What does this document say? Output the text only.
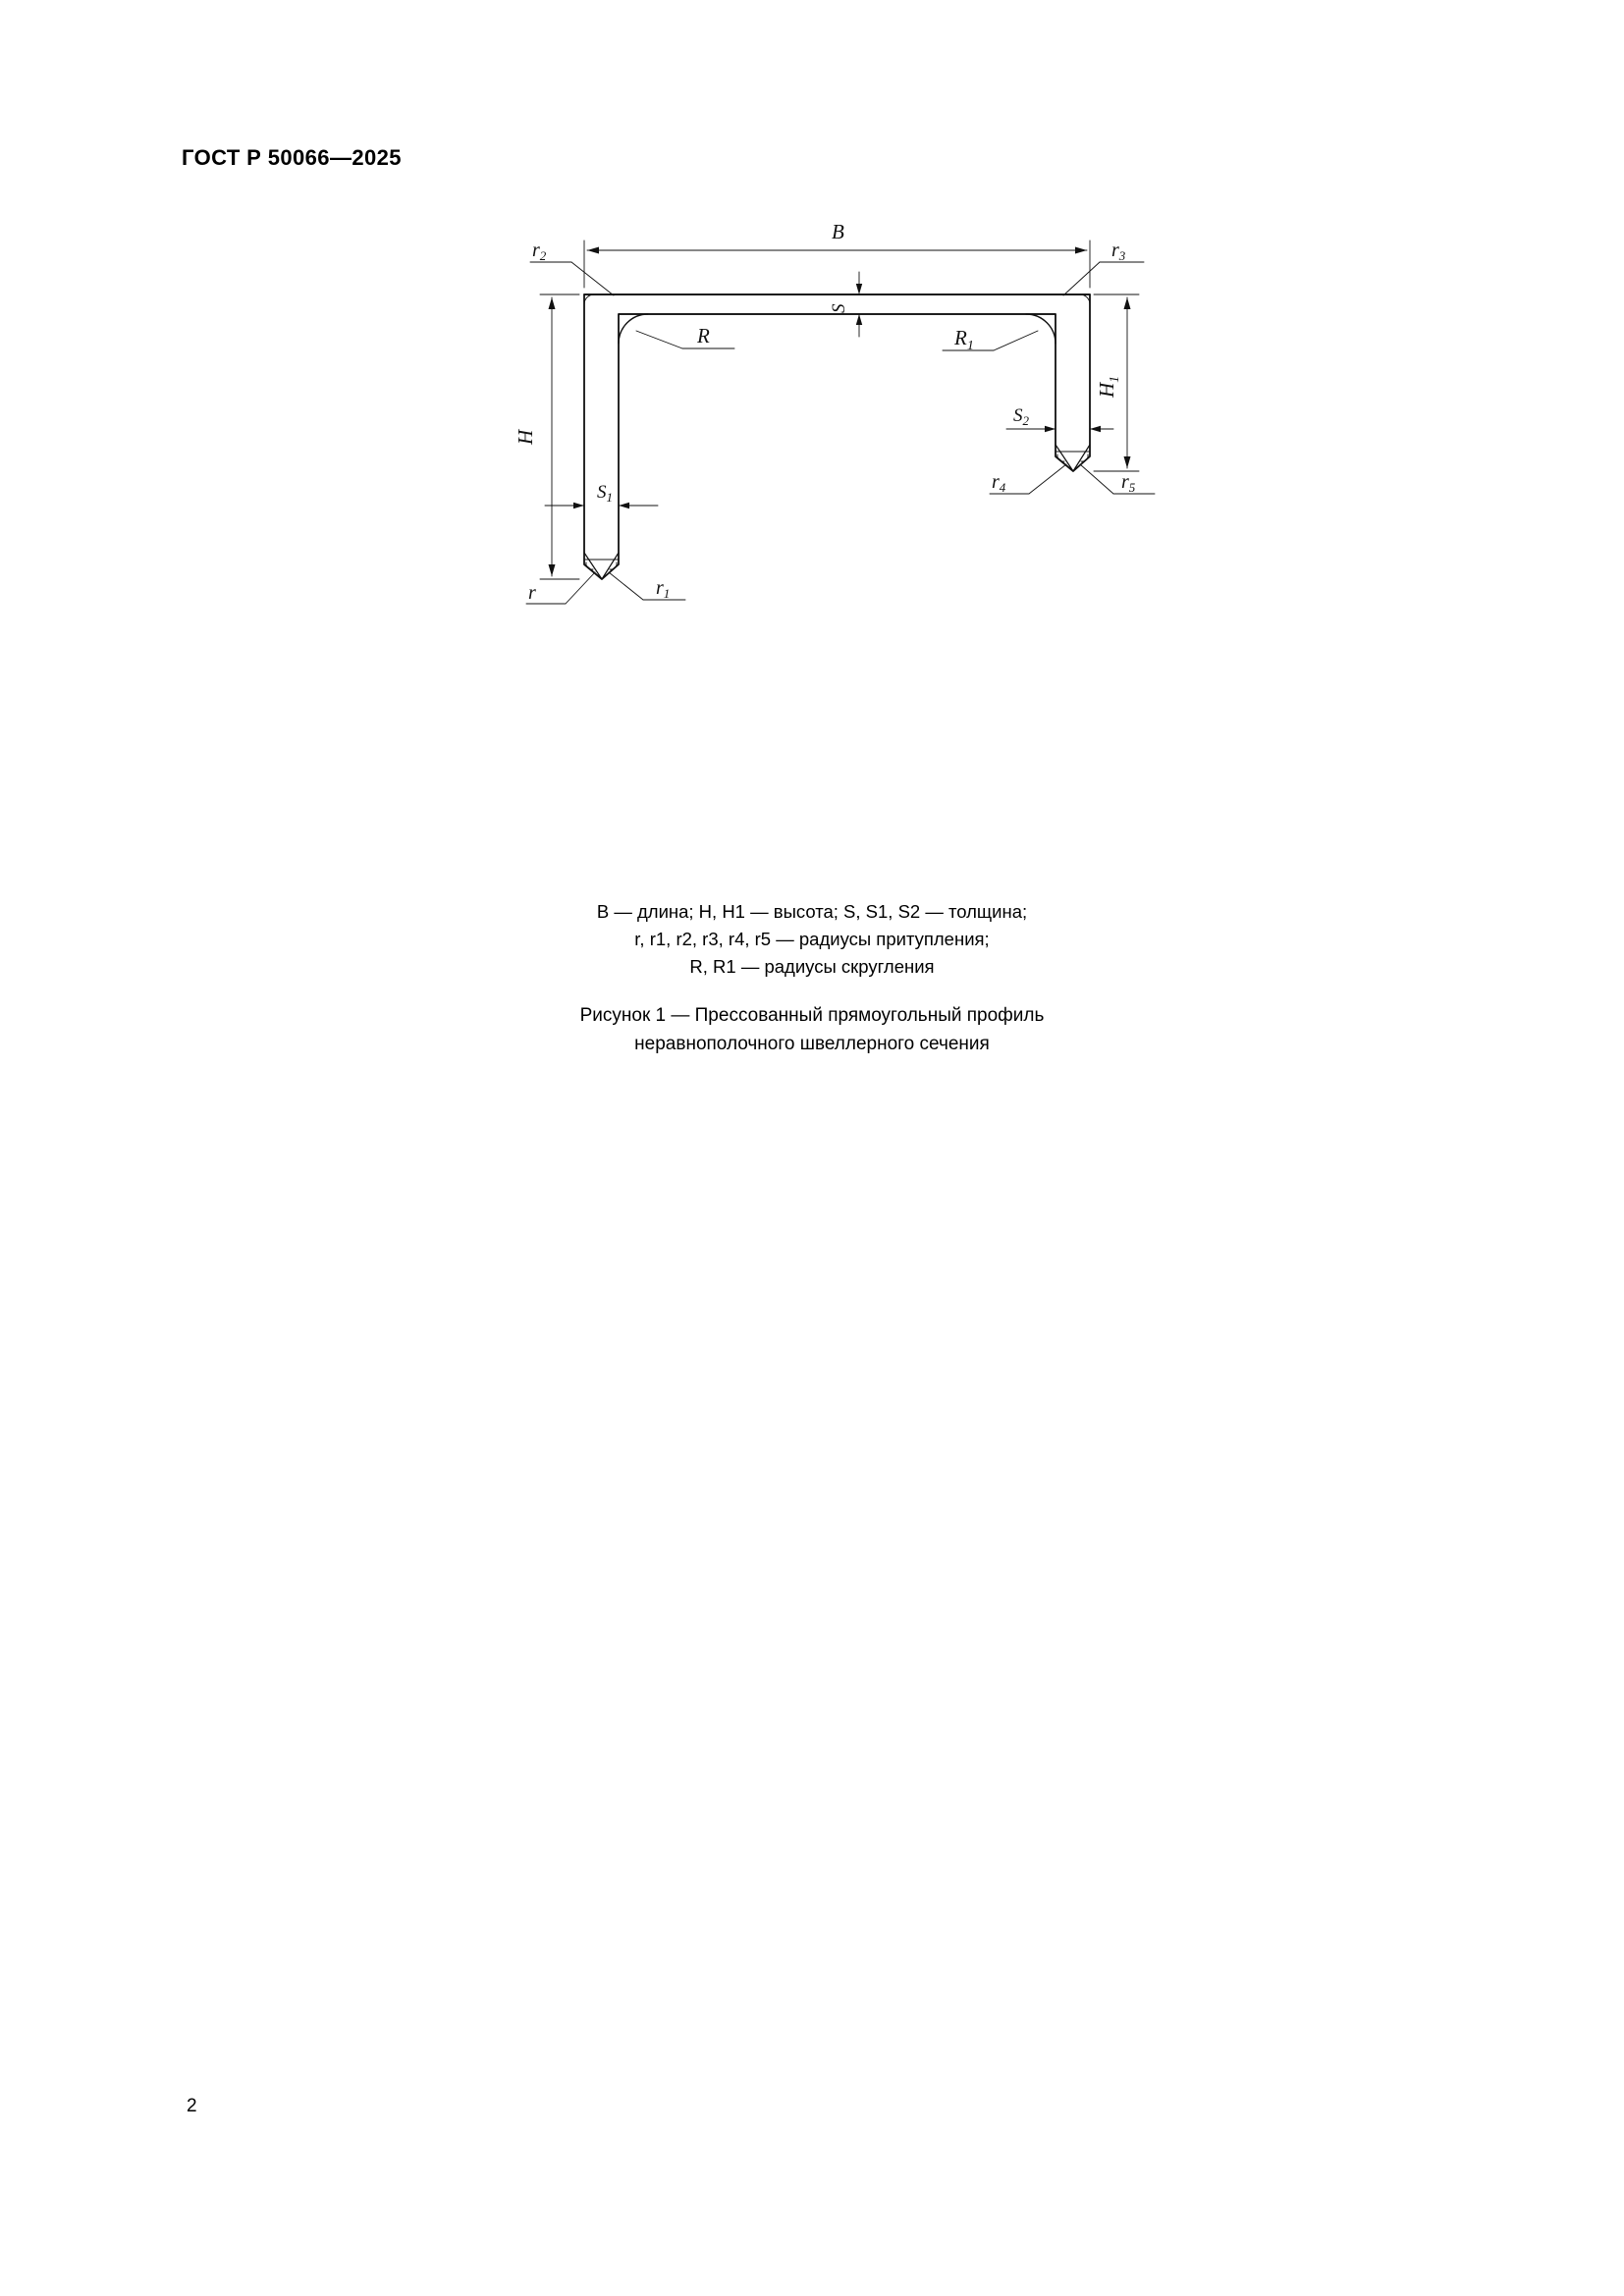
ГОСТ Р 50066—2025
B
H
$H_1$
S
$S_1$
$S_2$
R	$R_1$
r	$r_1$
$r_2$	$r_3$
$r_4$	$r_5$
В — длина; Н, Н1 — высота; S, S1, S2 — толщина;
r, r1, r2, r3, r4, r5 — радиусы притупления;
R, R1 — радиусы скругления
Рисунок 1 — Прессованный прямоугольный профиль
неравнополочного швеллерного сечения
2
